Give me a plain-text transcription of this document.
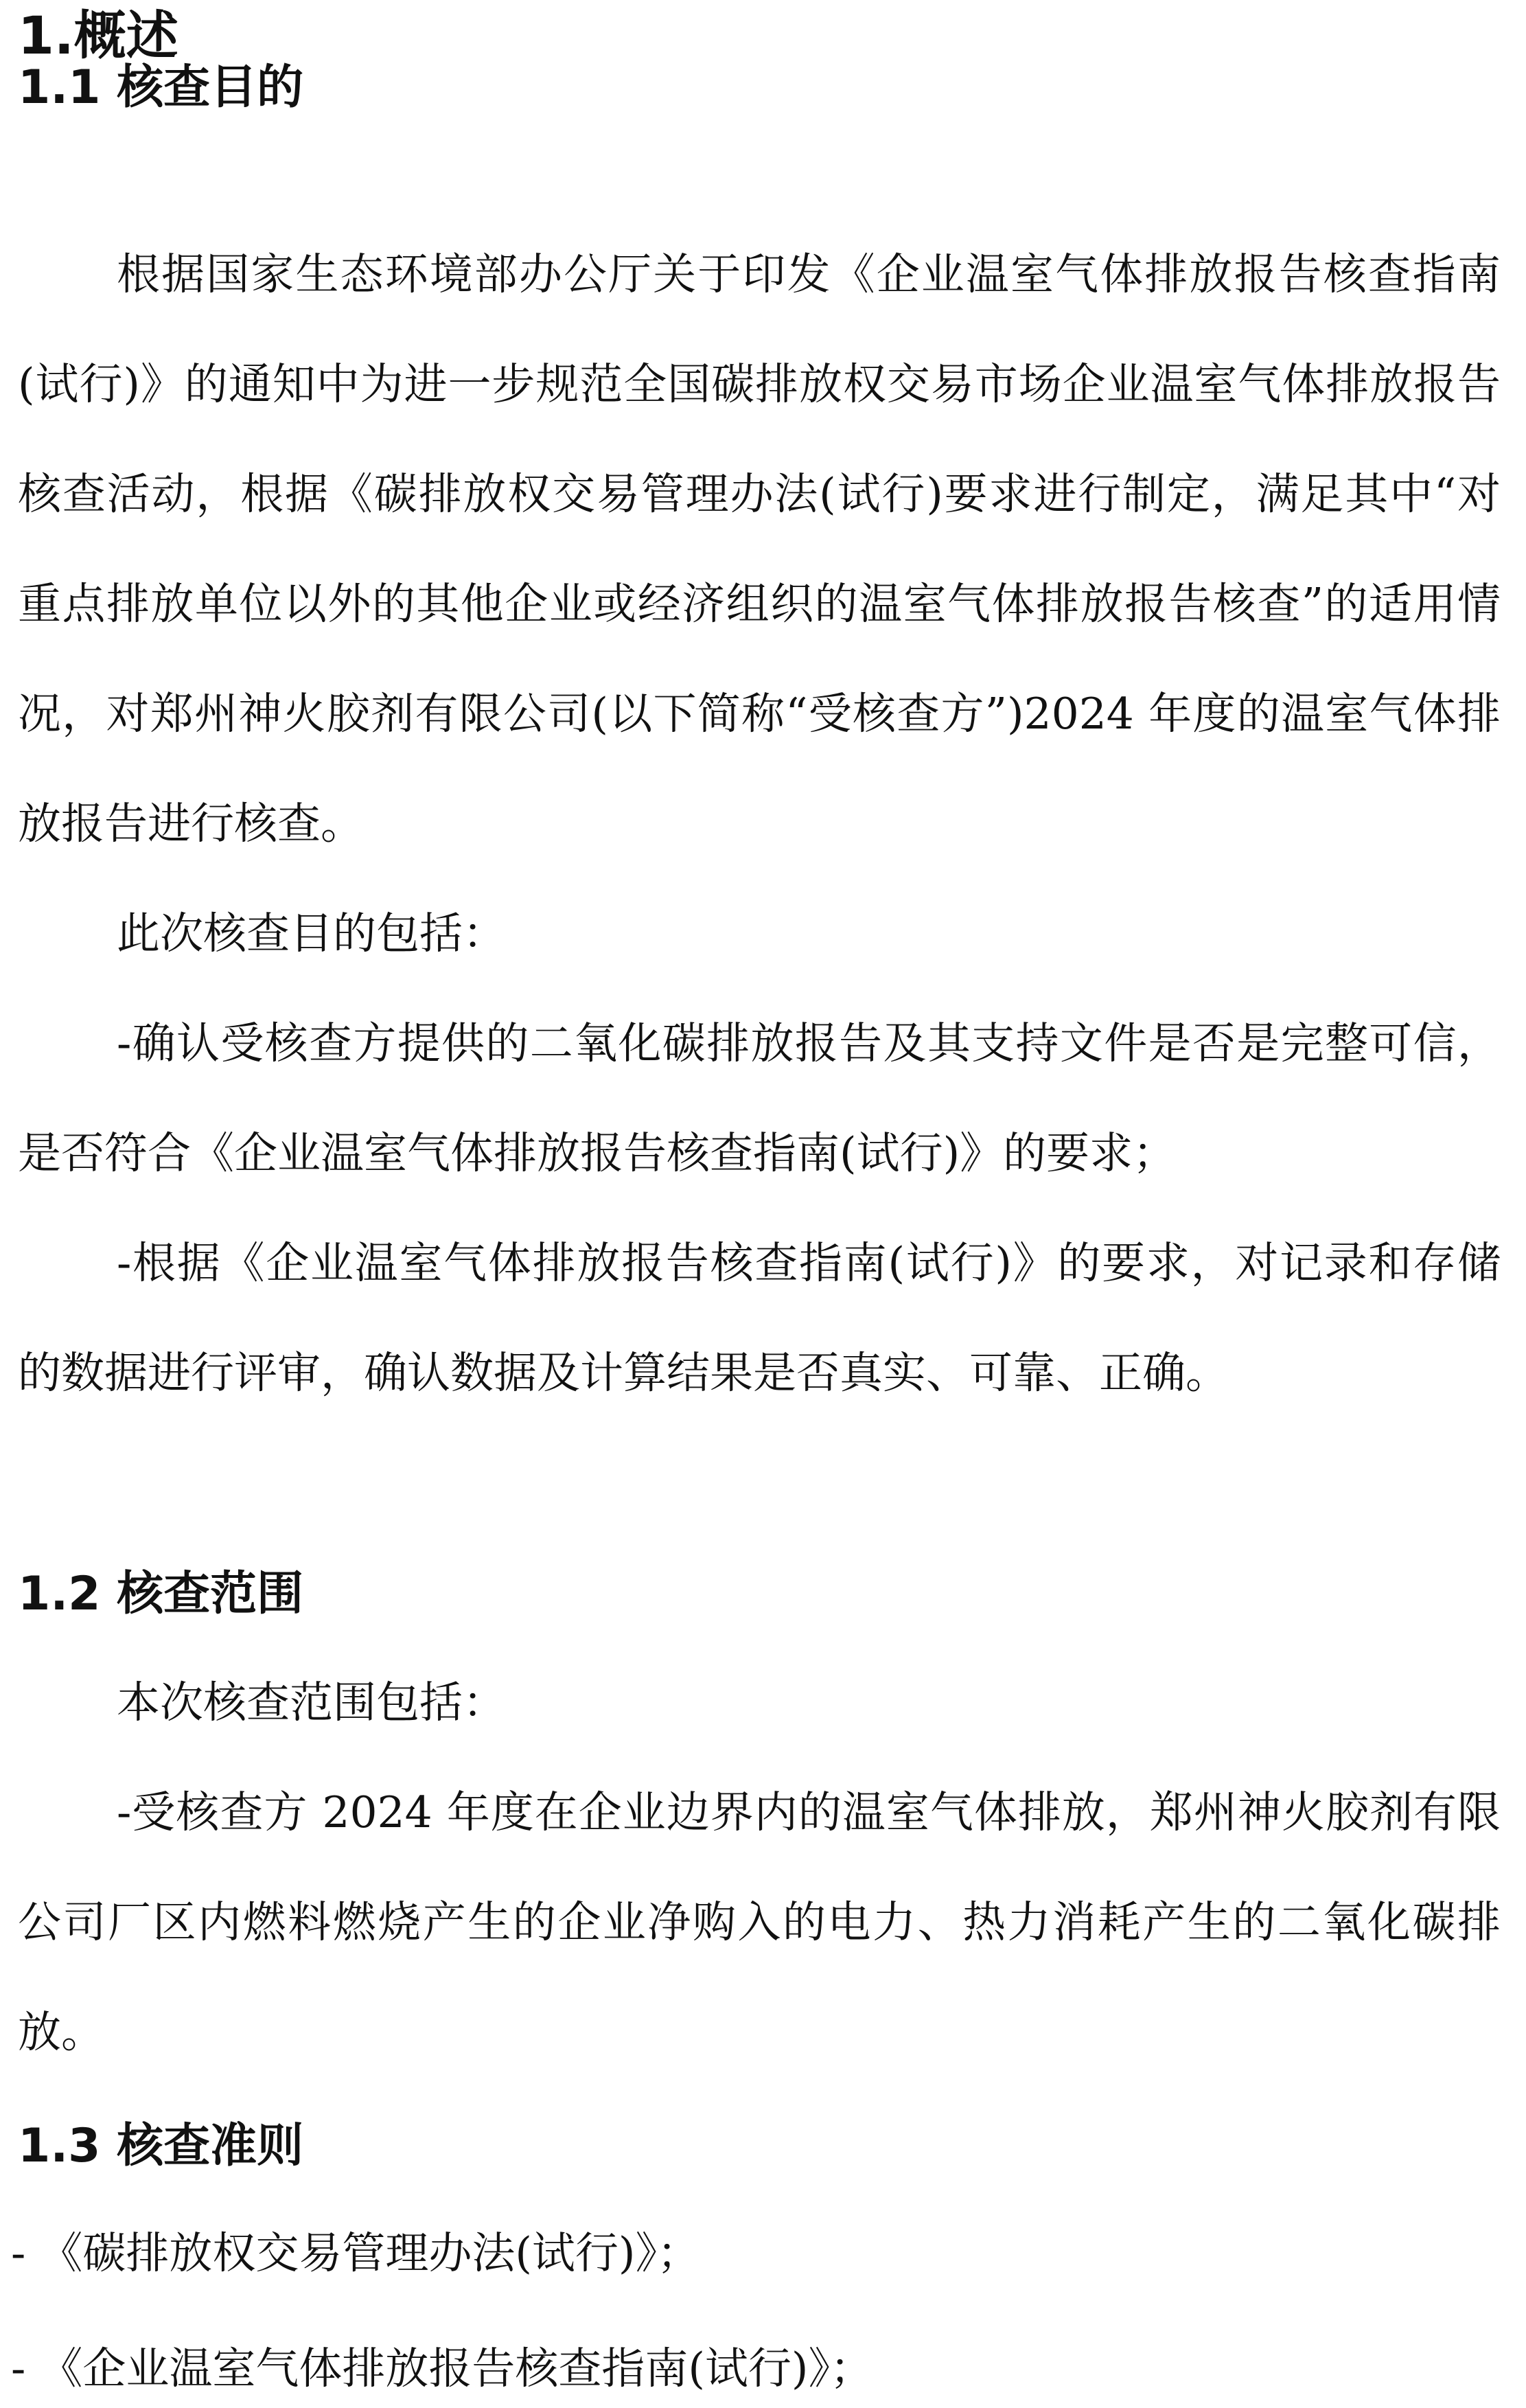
1.概述
1.1 核查目的

根据国家生态环境部办公厅关于印发《企业温室气体排放报告核查指南(试行)》的通知中为进一步规范全国碳排放权交易市场企业温室气体排放报告核查活动，根据《碳排放权交易管理办法(试行)要求进行制定，满足其中“对重点排放单位以外的其他企业或经济组织的温室气体排放报告核查”的适用情况，对郑州神火胶剂有限公司(以下简称“受核查方”)2024 年度的温室气体排放报告进行核查。

此次核查目的包括：

-确认受核查方提供的二氧化碳排放报告及其支持文件是否是完整可信，是否符合《企业温室气体排放报告核查指南(试行)》的要求；

-根据《企业温室气体排放报告核查指南(试行)》的要求，对记录和存储的数据进行评审，确认数据及计算结果是否真实、可靠、正确。

1.2 核查范围

本次核查范围包括：

-受核查方 2024 年度在企业边界内的温室气体排放，郑州神火胶剂有限公司厂区内燃料燃烧产生的企业净购入的电力、热力消耗产生的二氧化碳排放。

1.3 核查准则

- 《碳排放权交易管理办法(试行)》；

- 《企业温室气体排放报告核查指南(试行)》；
